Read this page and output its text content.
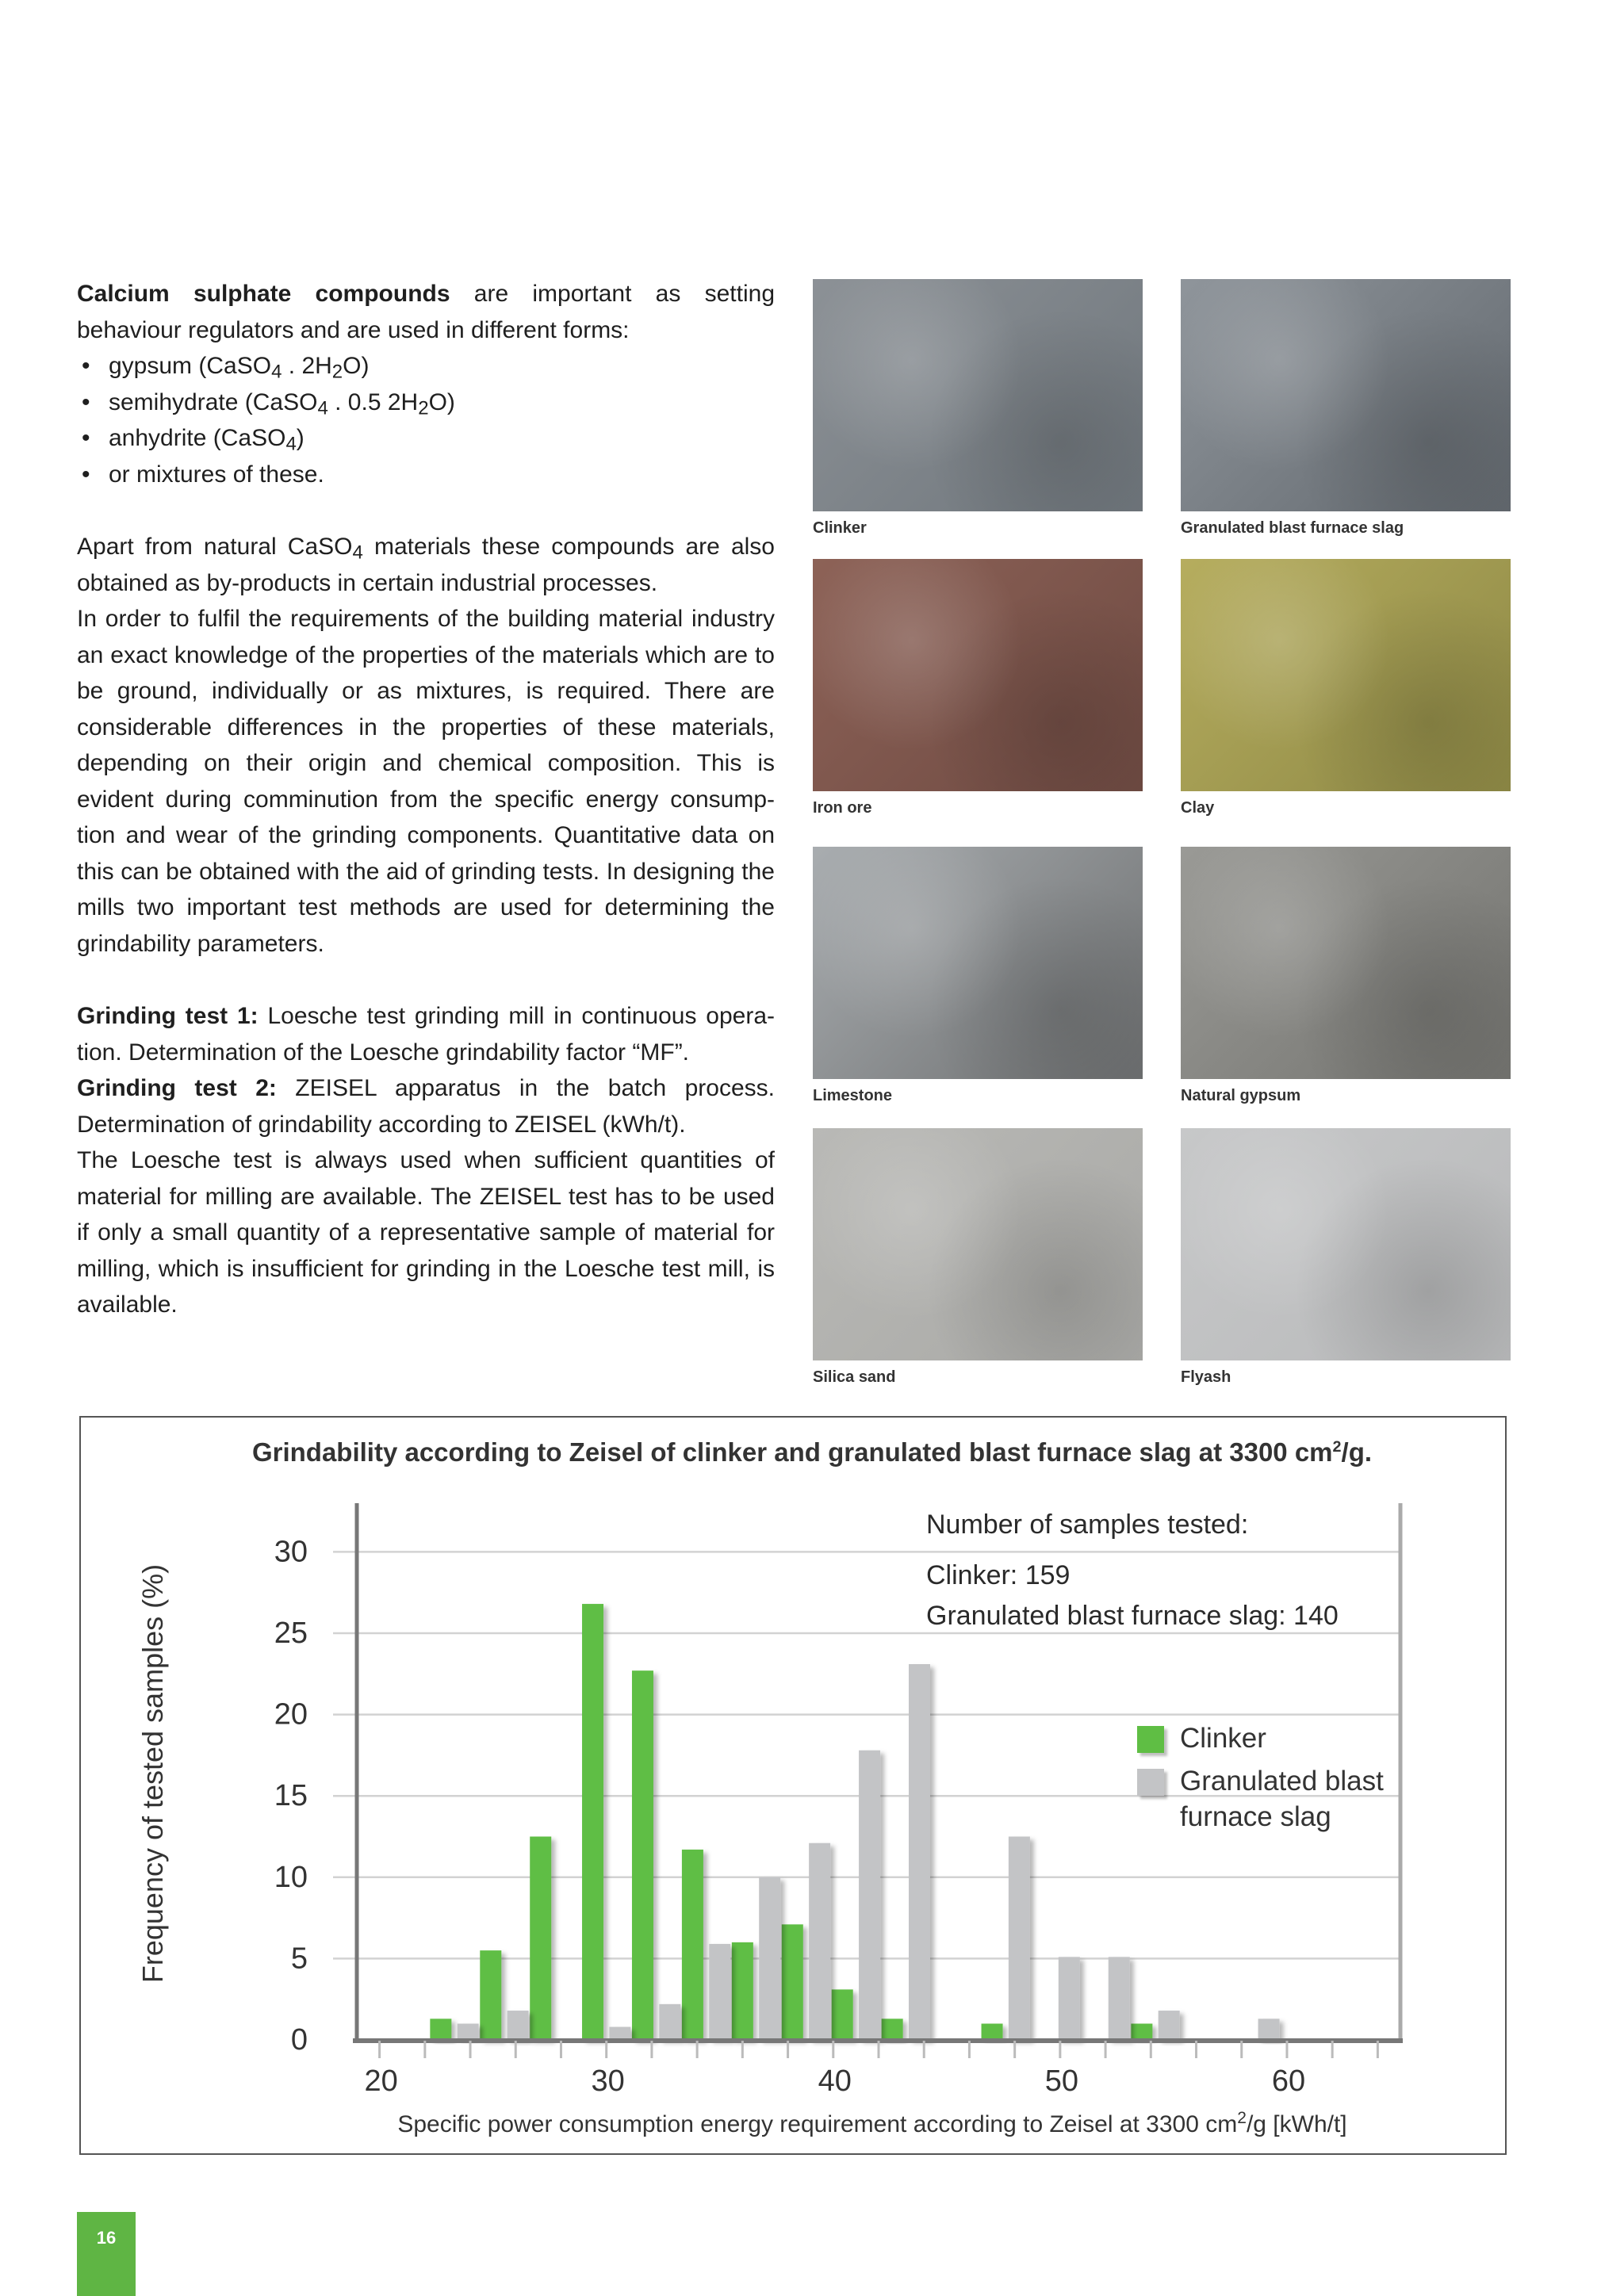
Calcium sulphate compounds are important as setting behaviour regulators and are used in different forms:

• gypsum (CaSO$_4$ . $2H_2O$)
• semihydrate (CaSO$_4$ . 0.5 $2H_2O$)
• anhydrite (CaSO$_4$)
• or mixtures of these.

Apart from natural CaSO$_4$ materials these compounds are also obtained as by-products in certain industrial processes.

In order to fulfil the requirements of the building material industry an exact knowledge of the properties of the materials which are to be ground, individually or as mixtures, is required. There are considerable differences in the properties of these materials, depending on their origin and chemical composition. This is evident during comminution from the specific energy consump-tion and wear of the grinding components. Quantitative data on this can be obtained with the aid of grinding tests. In designing the mills two important test methods are used for determining the grindability parameters.

Grinding test 1: Loesche test grinding mill in continuous opera-tion. Determination of the Loesche grindability factor “MF”.

Grinding test 2: ZEISEL apparatus in the batch process. Determination of grindability according to ZEISEL (kWh/t).

The Loesche test is always used when sufficient quantities of material for milling are available. The ZEISEL test has to be used if only a small quantity of a representative sample of material for milling, which is insufficient for grinding in the Loesche test mill, is available.

Clinker	Granulated blast furnace slag
Iron ore	Clay
Limestone	Natural gypsum
Silica sand	Flyash
Grindability according to Zeisel of clinker and granulated blast furnace slag at 3300 $cm^2/g$.
Frequency of tested samples (%)
Specific power consumption energy requirement according to Zeisel at 3300 $cm^2/g$ [kWh/t]
0
5
10
15
20
25
30
20	30	40	50	60
Number of samples tested:
Clinker: 159
Granulated blast furnace slag: 140
Clinker
Granulated blast
furnace slag
16
